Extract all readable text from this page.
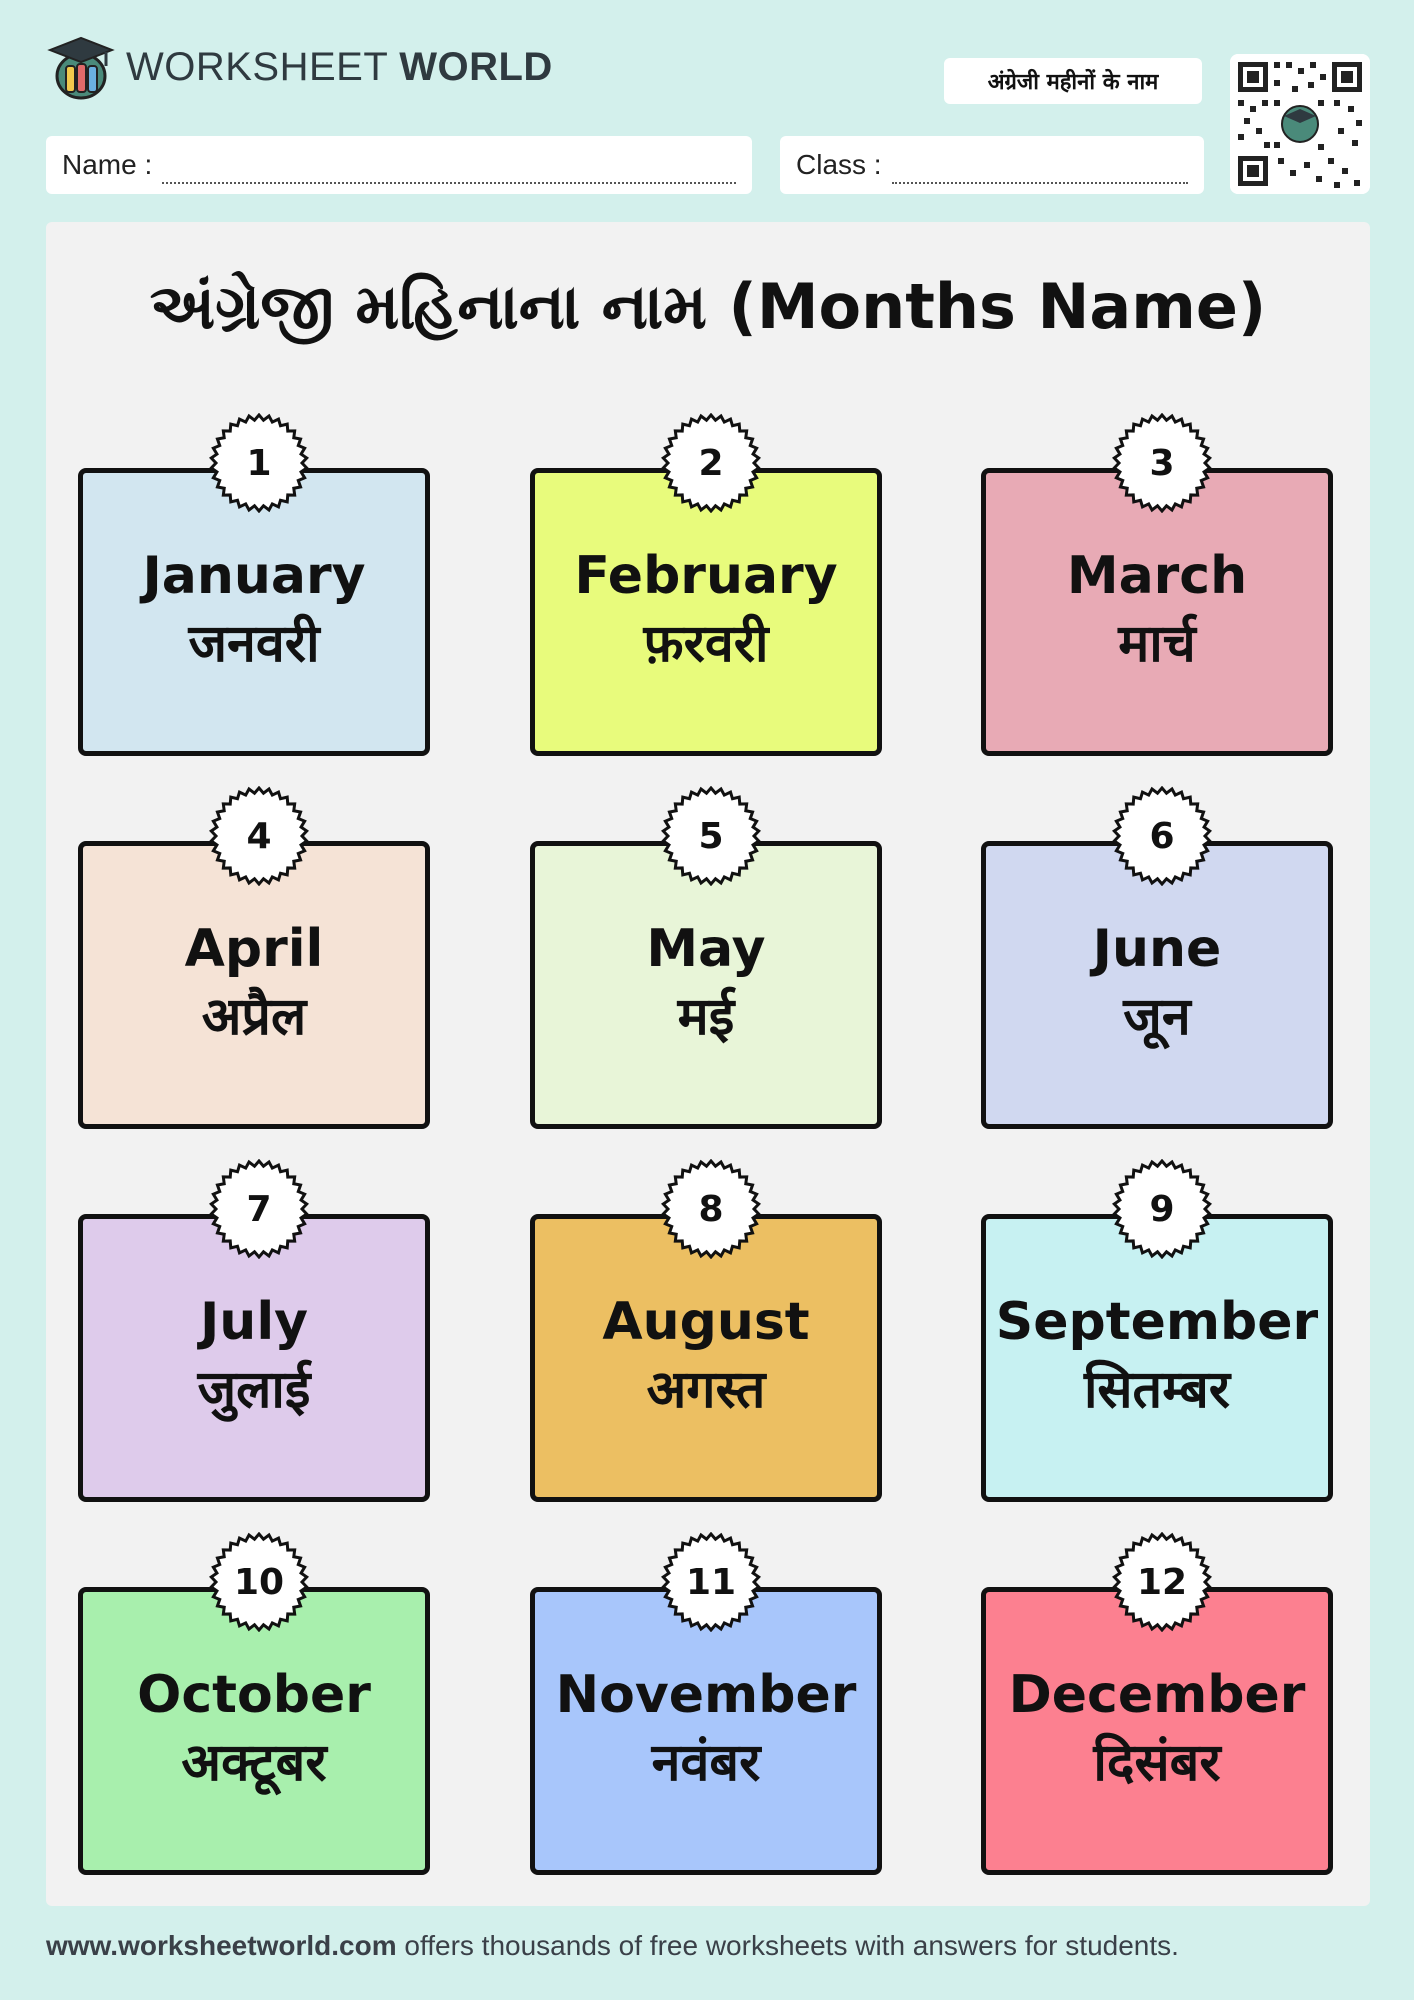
WORKSHEET WORLD	अंग्रेजी महीनों के नाम
Name :	Class :
અંગ્રેજી મહિનાના નામ (Months Name)
1
January
जनवरी
2
February
फ़रवरी
3
March
मार्च
4
April
अप्रैल
5
May
मई
6
June
जून
7
July
जुलाई
8
August
अगस्त
9
September
सितम्बर
10
October
अक्टूबर
11
November
नवंबर
12
December
दिसंबर
www.worksheetworld.com offers thousands of free worksheets with answers for students.
